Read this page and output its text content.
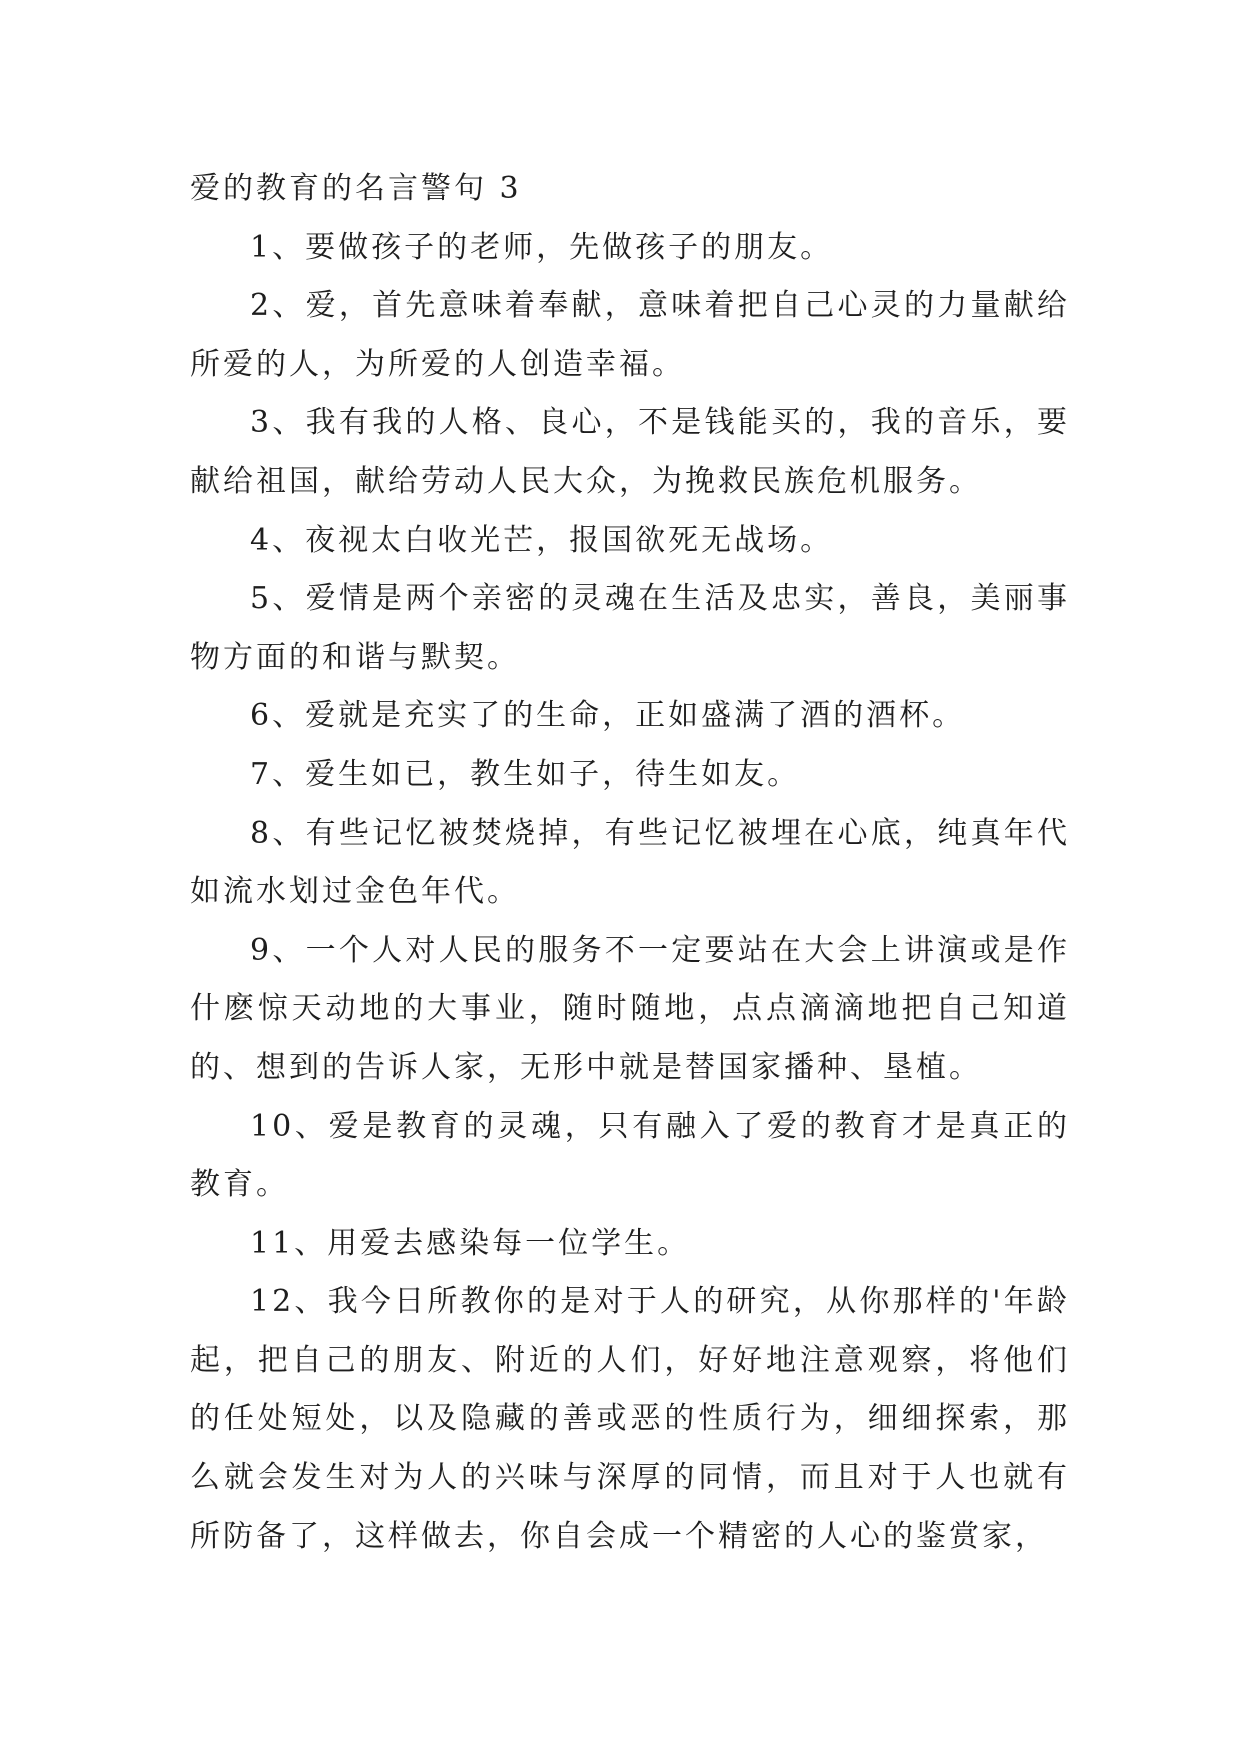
爱的教育的名言警句 3

1、要做孩子的老师，先做孩子的朋友。

2、爱，首先意味着奉献，意味着把自己心灵的力量献给所爱的人，为所爱的人创造幸福。

3、我有我的人格、良心，不是钱能买的，我的音乐，要献给祖国，献给劳动人民大众，为挽救民族危机服务。

4、夜视太白收光芒，报国欲死无战场。

5、爱情是两个亲密的灵魂在生活及忠实，善良，美丽事物方面的和谐与默契。

6、爱就是充实了的生命，正如盛满了酒的酒杯。

7、爱生如已，教生如子，待生如友。

8、有些记忆被焚烧掉，有些记忆被埋在心底，纯真年代如流水划过金色年代。

9、一个人对人民的服务不一定要站在大会上讲演或是作什麽惊天动地的大事业，随时随地，点点滴滴地把自己知道的、想到的告诉人家，无形中就是替国家播种、垦植。

10、爱是教育的灵魂，只有融入了爱的教育才是真正的教育。

11、用爱去感染每一位学生。

12、我今日所教你的是对于人的研究，从你那样的'年龄起，把自己的朋友、附近的人们，好好地注意观察，将他们的任处短处，以及隐藏的善或恶的性质行为，细细探索，那么就会发生对为人的兴味与深厚的同情，而且对于人也就有所防备了，这样做去，你自会成一个精密的人心的鉴赏家，
